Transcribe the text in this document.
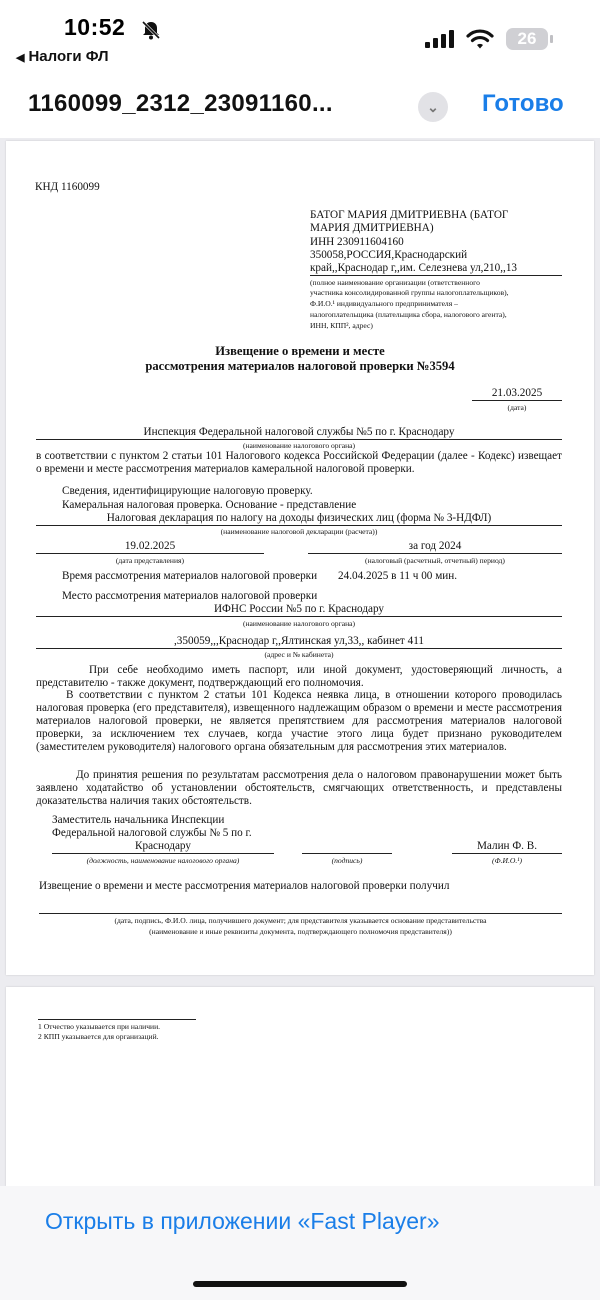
10:52
◀ Налоги ФЛ
26
1160099_2312_23091160...	⌄	Готово
КНД 1160099
БАТОГ МАРИЯ ДМИТРИЕВНА (БАТОГ
МАРИЯ ДМИТРИЕВНА)
ИНН 230911604160
350058,РОССИЯ,Краснодарский
край,,Краснодар г,,им. Селезнева ул,210,,13
(полное наименование организации (ответственного
участника консолидированной группы налогоплательщиков),
Ф.И.О.¹ индивидуального предпринимателя –
налогоплательщика (плательщика сбора, налогового агента),
ИНН, КПП², адрес)
Извещение о времени и месте
рассмотрения материалов налоговой проверки №3594
21.03.2025
(дата)
Инспекция Федеральной налоговой службы №5 по г. Краснодару
(наименование налогового органа)
в соответствии с пунктом 2 статьи 101 Налогового кодекса Российской Федерации (далее - Кодекс) извещает о времени и месте рассмотрения материалов камеральной налоговой проверки.
Сведения, идентифицирующие налоговую проверку.
Камеральная налоговая проверка. Основание - представление
Налоговая декларация по налогу на доходы физических лиц (форма № 3-НДФЛ)
(наименование налоговой декларации (расчета))
19.02.2025
(дата представления)
за год 2024
(налоговый (расчетный, отчетный) период)
Время рассмотрения материалов налоговой проверки 24.04.2025 в 11 ч 00 мин.
Место рассмотрения материалов налоговой проверки
ИФНС России №5 по г. Краснодару
(наименование налогового органа)
,350059,,,Краснодар г,,Ялтинская ул,33,, кабинет 411
(адрес и № кабинета)
При себе необходимо иметь паспорт, или иной документ, удостоверяющий личность, а представителю - также документ, подтверждающий его полномочия.
В соответствии с пунктом 2 статьи 101 Кодекса неявка лица, в отношении которого проводилась налоговая проверка (его представителя), извещенного надлежащим образом о времени и месте рассмотрения материалов налоговой проверки, не является препятствием для рассмотрения материалов налоговой проверки, за исключением тех случаев, когда участие этого лица будет признано руководителем (заместителем руководителя) налогового органа обязательным для рассмотрения этих материалов.
До принятия решения по результатам рассмотрения дела о налоговом правонарушении может быть заявлено ходатайство об установлении обстоятельств, смягчающих ответственность, и представлены доказательства наличия таких обстоятельств.
Заместитель начальника Инспекции
Федеральной налоговой службы № 5 по г.
Краснодару	Малин Ф. В.
(должность, наименование налогового органа)	(подпись)	(Ф.И.О.¹)
Извещение о времени и месте рассмотрения материалов налоговой проверки получил
(дата, подпись, Ф.И.О. лица, получившего документ; для представителя указывается основание представительства
(наименование и иные реквизиты документа, подтверждающего полномочия представителя))
1 Отчество указывается при наличии.
2 КПП указывается для организаций.
Открыть в приложении «Fast Player»
